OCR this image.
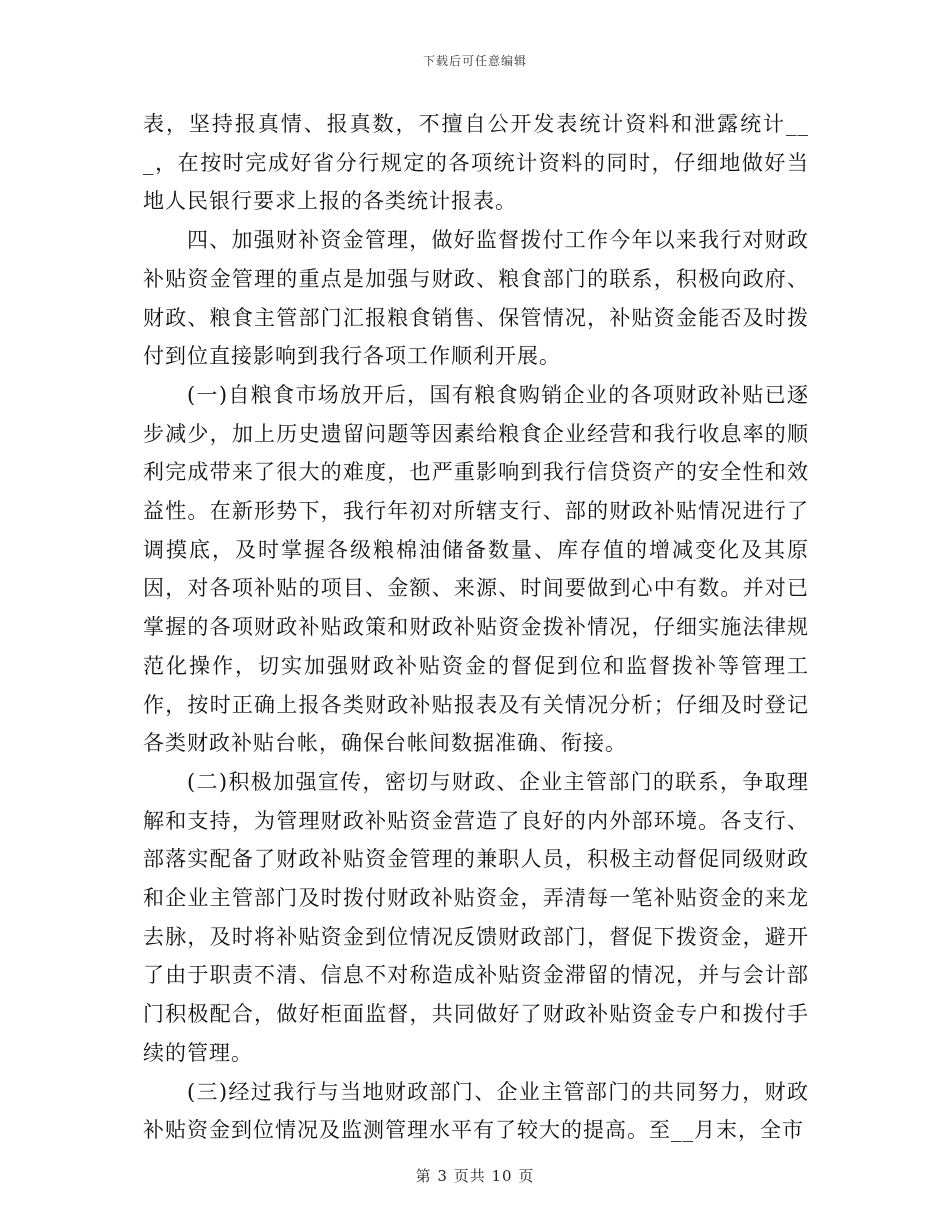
下载后可任意编辑

表，坚持报真情、报真数，不擅自公开发表统计资料和泄露统计___，在按时完成好省分行规定的各项统计资料的同时，仔细地做好当地人民银行要求上报的各类统计报表。

四、加强财补资金管理，做好监督拨付工作今年以来我行对财政补贴资金管理的重点是加强与财政、粮食部门的联系，积极向政府、财政、粮食主管部门汇报粮食销售、保管情况，补贴资金能否及时拨付到位直接影响到我行各项工作顺利开展。

(一)自粮食市场放开后，国有粮食购销企业的各项财政补贴已逐步减少，加上历史遗留问题等因素给粮食企业经营和我行收息率的顺利完成带来了很大的难度，也严重影响到我行信贷资产的安全性和效益性。在新形势下，我行年初对所辖支行、部的财政补贴情况进行了调摸底，及时掌握各级粮棉油储备数量、库存值的增减变化及其原因，对各项补贴的项目、金额、来源、时间要做到心中有数。并对已掌握的各项财政补贴政策和财政补贴资金拨补情况，仔细实施法律规范化操作，切实加强财政补贴资金的督促到位和监督拨补等管理工作，按时正确上报各类财政补贴报表及有关情况分析；仔细及时登记各类财政补贴台帐，确保台帐间数据准确、衔接。

(二)积极加强宣传，密切与财政、企业主管部门的联系，争取理解和支持，为管理财政补贴资金营造了良好的内外部环境。各支行、部落实配备了财政补贴资金管理的兼职人员，积极主动督促同级财政和企业主管部门及时拨付财政补贴资金，弄清每一笔补贴资金的来龙去脉，及时将补贴资金到位情况反馈财政部门，督促下拨资金，避开了由于职责不清、信息不对称造成补贴资金滞留的情况，并与会计部门积极配合，做好柜面监督，共同做好了财政补贴资金专户和拨付手续的管理。

(三)经过我行与当地财政部门、企业主管部门的共同努力，财政补贴资金到位情况及监测管理水平有了较大的提高。至__月末，全市

第 3 页共 10 页
